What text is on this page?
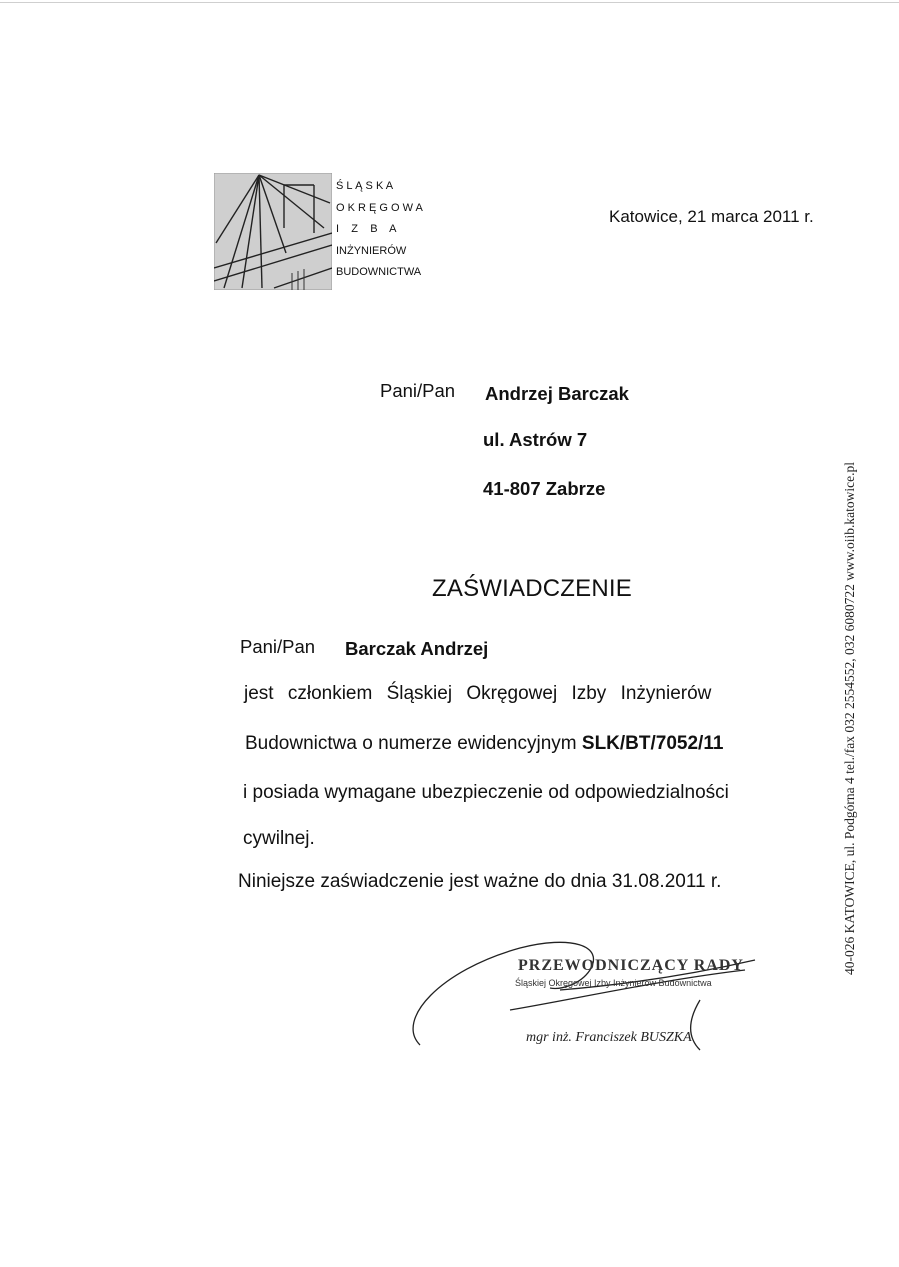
Ś L Ą S K A
O K R Ę G O W A
I    Z    B    A
INŻYNIERÓW
BUDOWNICTWA
Katowice, 21 marca 2011 r.
Pani/Pan Andrzej Barczak
ul. Astrów 7
41-807 Zabrze
ZAŚWIADCZENIE
Pani/Pan Barczak Andrzej
jest członkiem Śląskiej Okręgowej Izby Inżynierów
Budownictwa o numerze ewidencyjnym SLK/BT/7052/11
i posiada wymagane ubezpieczenie od odpowiedzialności
cywilnej.
Niniejsze zaświadczenie jest ważne do dnia 31.08.2011 r.
PRZEWODNICZĄCY RADY
Śląskiej Okręgowej Izby Inżynierów Budownictwa
mgr inż. Franciszek BUSZKA
40-026 KATOWICE, ul. Podgórna 4 tel./fax 032 2554552, 032 6080722 www.oiib.katowice.pl
